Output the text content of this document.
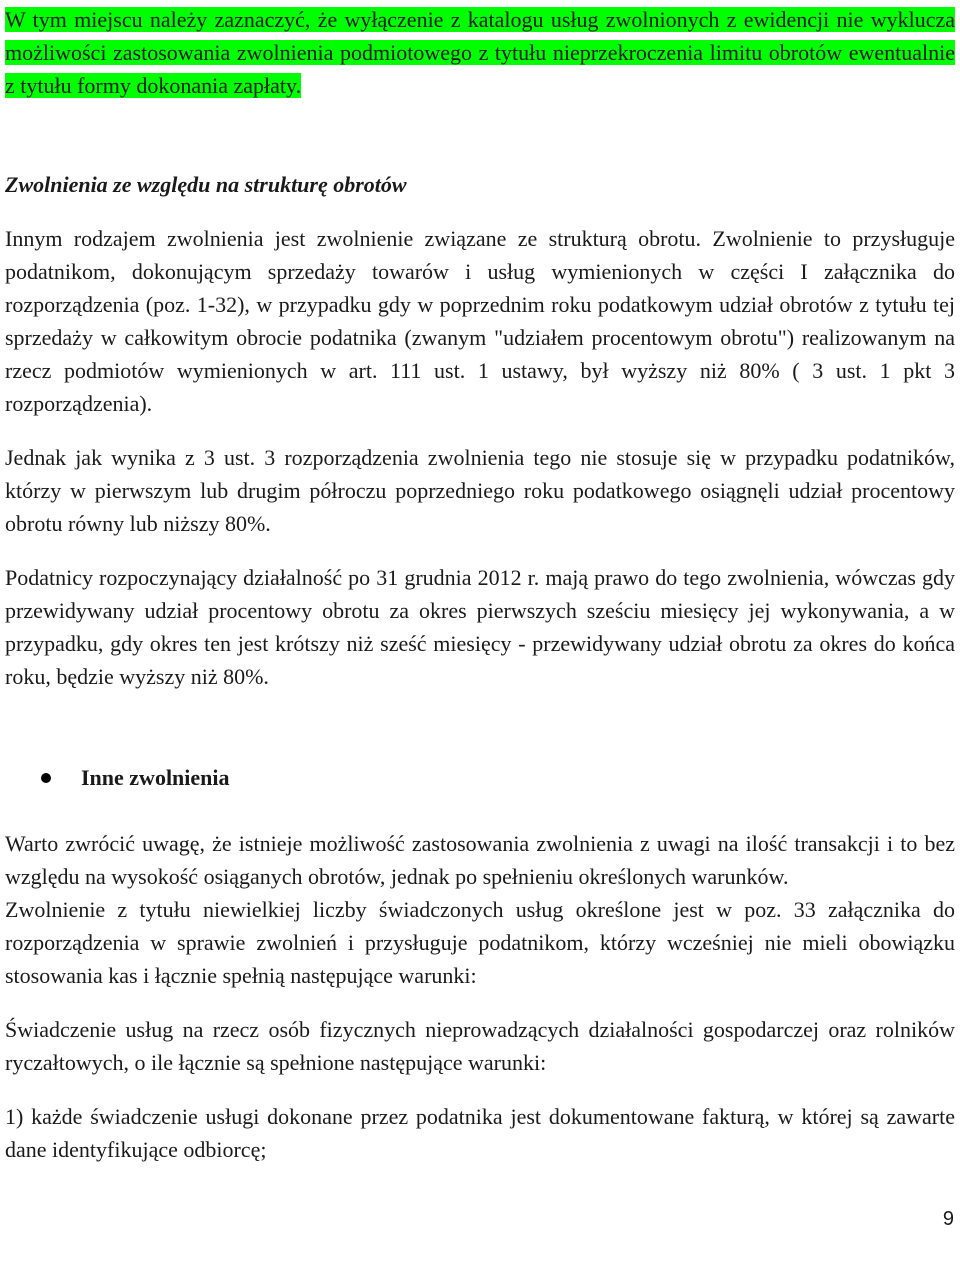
W tym miejscu należy zaznaczyć, że wyłączenie z katalogu usług zwolnionych z ewidencji nie wyklucza możliwości zastosowania zwolnienia podmiotowego z tytułu nieprzekroczenia limitu obrotów ewentualnie z tytułu formy dokonania zapłaty.

Zwolnienia ze względu na strukturę obrotów

Innym rodzajem zwolnienia jest zwolnienie związane ze strukturą obrotu. Zwolnienie to przysługuje podatnikom, dokonującym sprzedaży towarów i usług wymienionych w części I załącznika do rozporządzenia (poz. 1-32), w przypadku gdy w poprzednim roku podatkowym udział obrotów z tytułu tej sprzedaży w całkowitym obrocie podatnika (zwanym "udziałem procentowym obrotu") realizowanym na rzecz podmiotów wymienionych w art. 111 ust. 1 ustawy, był wyższy niż 80% ( 3 ust. 1 pkt 3 rozporządzenia).

Jednak jak wynika z 3 ust. 3 rozporządzenia zwolnienia tego nie stosuje się w przypadku podatników, którzy w pierwszym lub drugim półroczu poprzedniego roku podatkowego osiągnęli udział procentowy obrotu równy lub niższy 80%.

Podatnicy rozpoczynający działalność po 31 grudnia 2012 r. mają prawo do tego zwolnienia, wówczas gdy przewidywany udział procentowy obrotu za okres pierwszych sześciu miesięcy jej wykonywania, a w przypadku, gdy okres ten jest krótszy niż sześć miesięcy - przewidywany udział obrotu za okres do końca roku, będzie wyższy niż 80%.

Inne zwolnienia

Warto zwrócić uwagę, że istnieje możliwość zastosowania zwolnienia z uwagi na ilość transakcji i to bez względu na wysokość osiąganych obrotów, jednak po spełnieniu określonych warunków.

Zwolnienie z tytułu niewielkiej liczby świadczonych usług określone jest w poz. 33 załącznika do rozporządzenia w sprawie zwolnień i przysługuje podatnikom, którzy wcześniej nie mieli obowiązku stosowania kas i łącznie spełnią następujące warunki:

Świadczenie usług na rzecz osób fizycznych nieprowadzących działalności gospodarczej oraz rolników ryczałtowych, o ile łącznie są spełnione następujące warunki:

1) każde świadczenie usługi dokonane przez podatnika jest dokumentowane fakturą, w której są zawarte dane identyfikujące odbiorcę;

9
